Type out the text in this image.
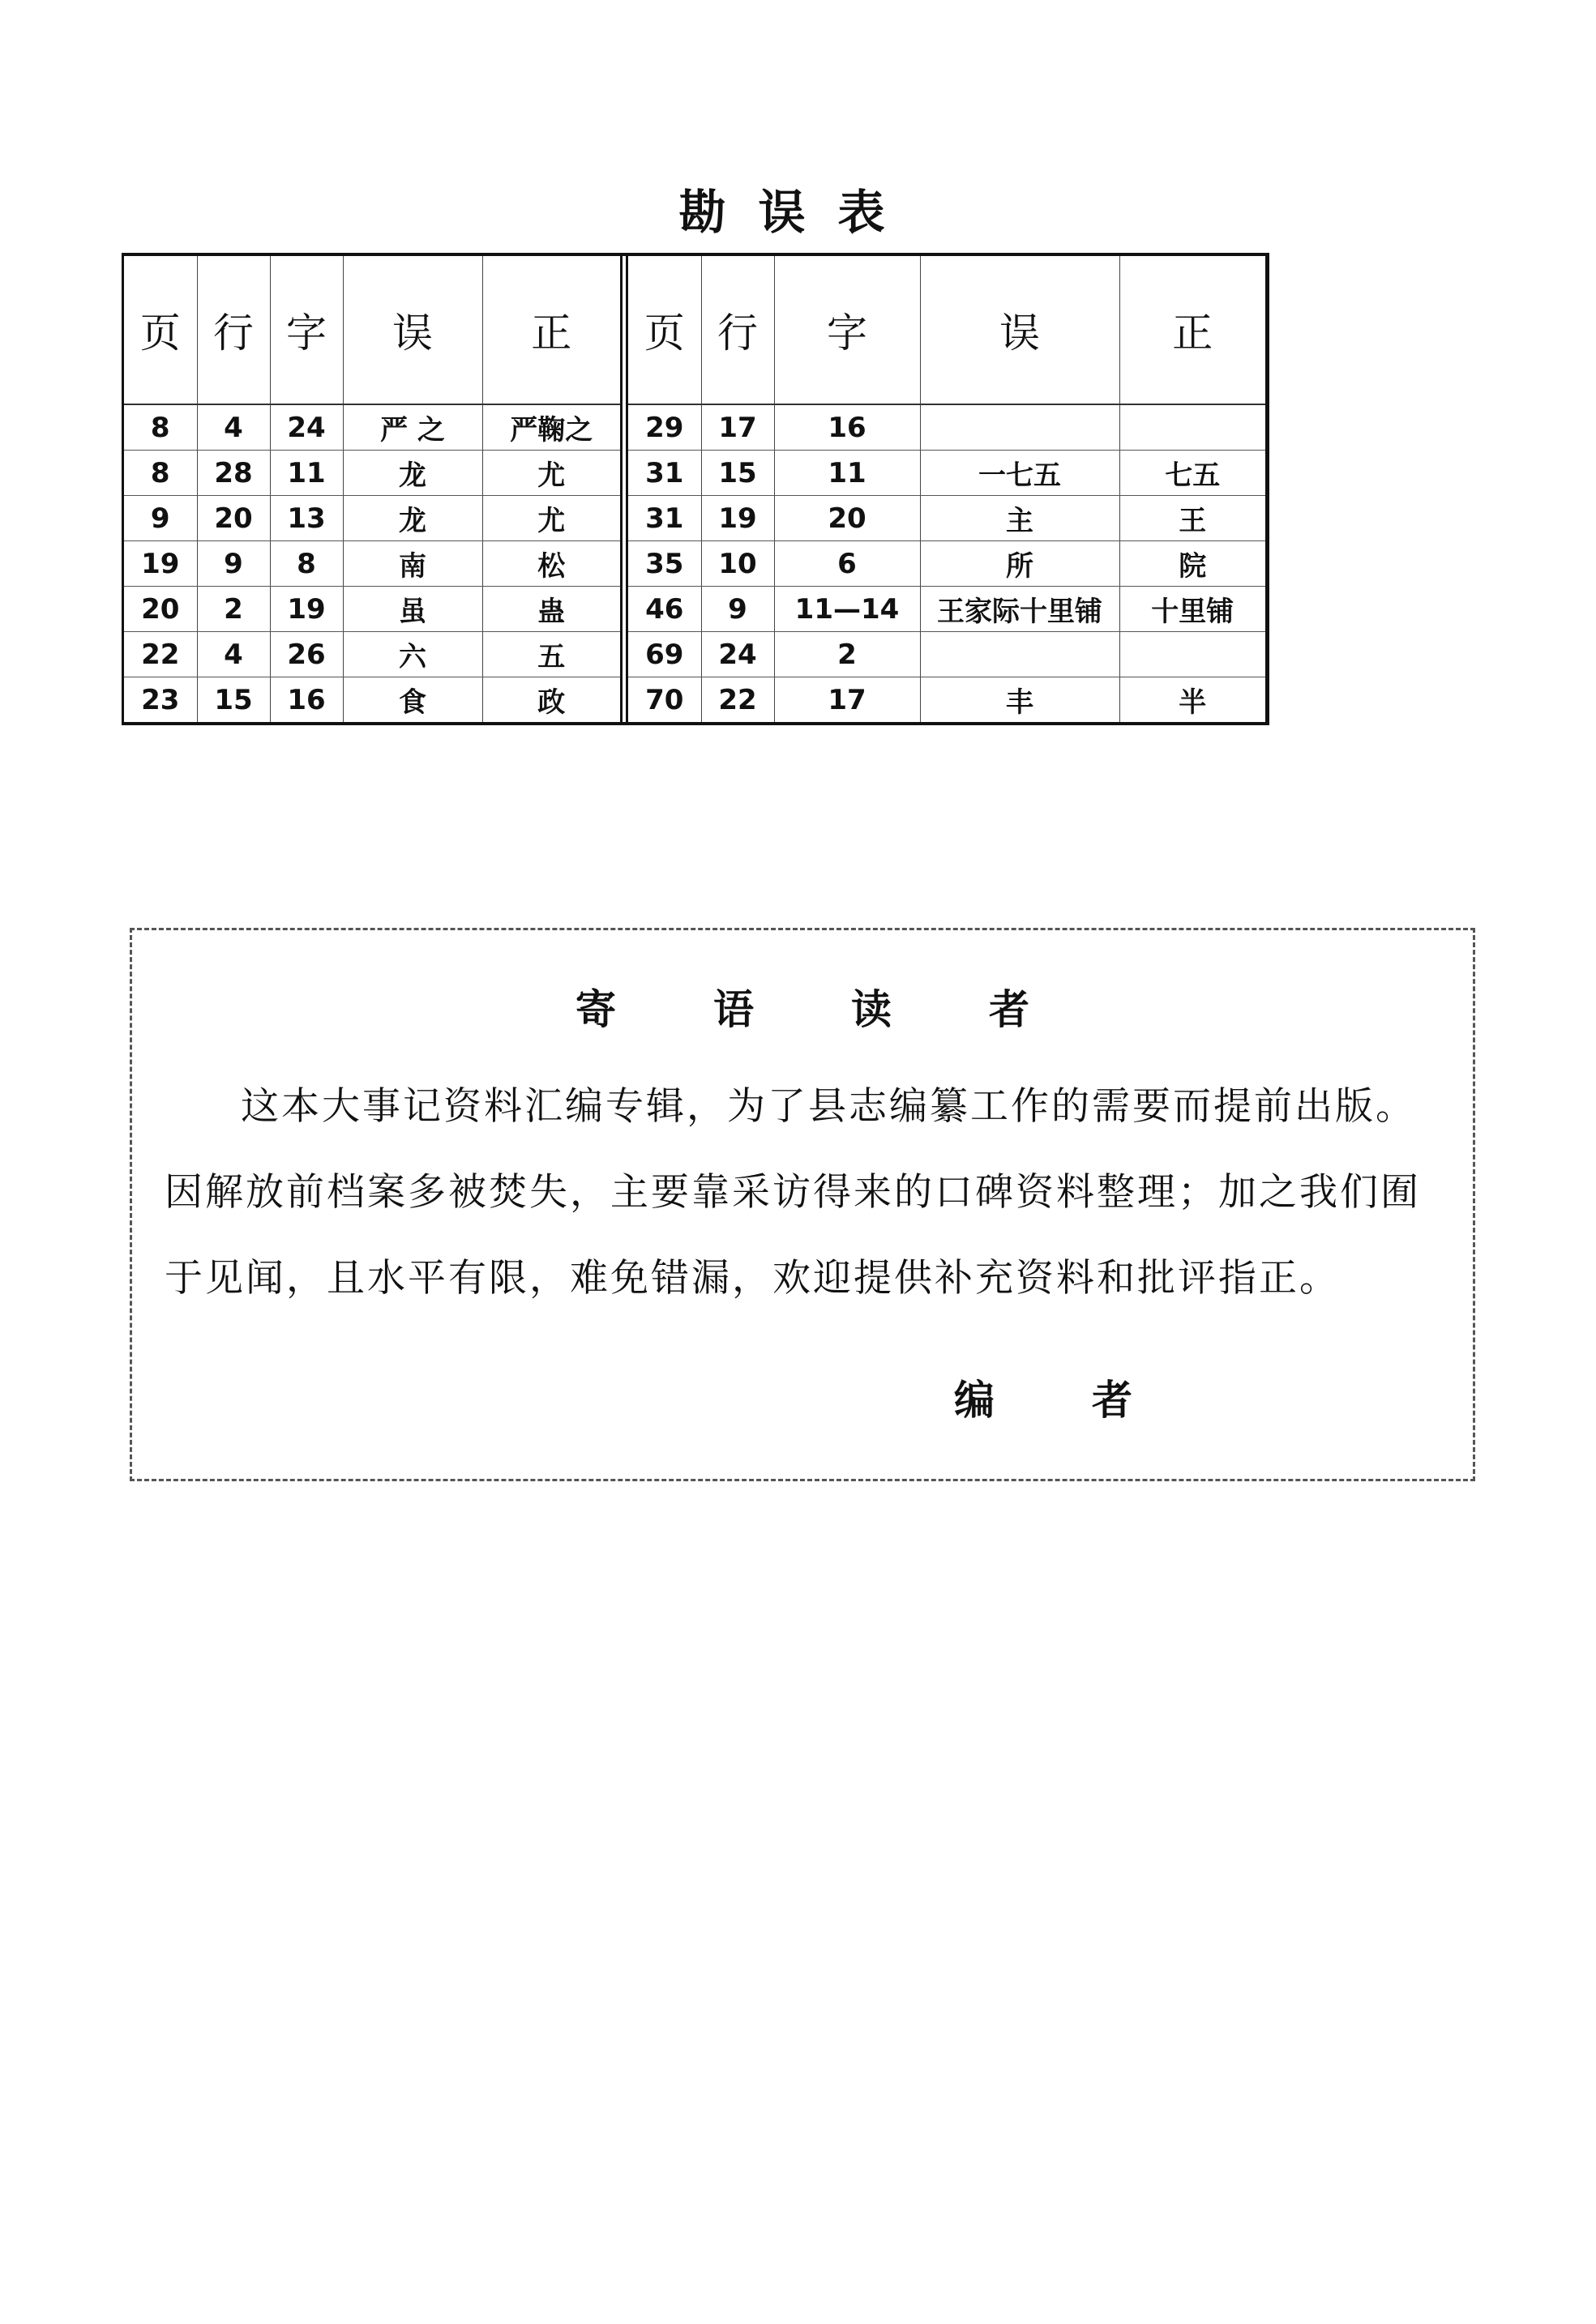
勘误表
页	行	字	误	正
8	4	24	严 之	严鞠之
8	28	11	龙	尤
9	20	13	龙	尤
19	9	8	南	松
20	2	19	虽	蛊
22	4	26	六	五
23	15	16	食	政
页	行	字	误	正
29	17	16		
31	15	11	一七五	七五
31	19	20	主	王
35	10	6	所	院
46	9	11—14	王家际十里铺	十里铺
69	24	2		
70	22	17	丰	半
寄语读者
这本大事记资料汇编专辑，为了县志编纂工作的需要而提前出版。因解放前档案多被焚失，主要靠采访得来的口碑资料整理；加之我们囿于见闻，且水平有限，难免错漏，欢迎提供补充资料和批评指正。
编者
